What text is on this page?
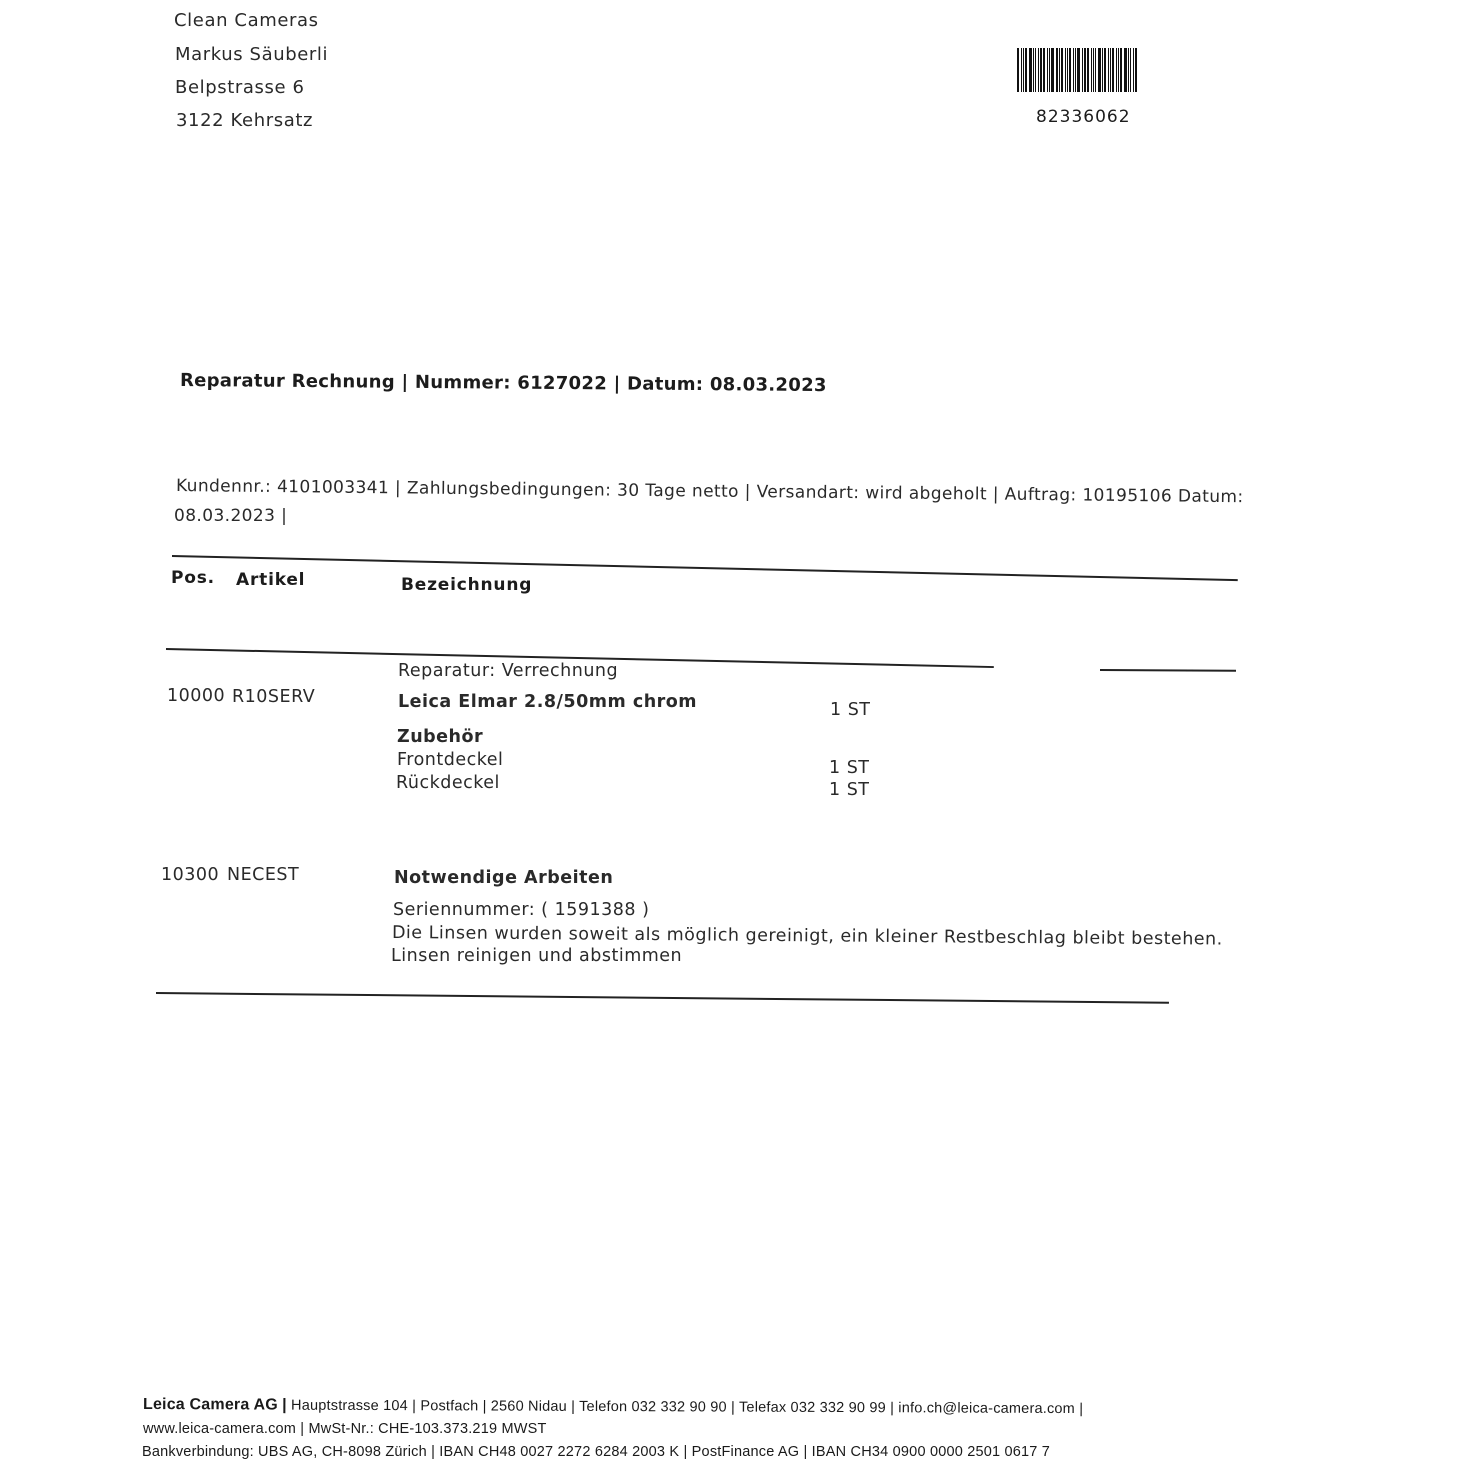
Clean Cameras
Markus Säuberli
Belpstrasse 6
3122 Kehrsatz	82336062
Reparatur Rechnung | Nummer: 6127022 | Datum: 08.03.2023
Kundennr.: 4101003341 | Zahlungsbedingungen: 30 Tage netto | Versandart: wird abgeholt | Auftrag: 10195106 Datum:
08.03.2023 |
Pos. Artikel	Bezeichnung
Reparatur: Verrechnung
10000 R10SERV	Leica Elmar 2.8/50mm chrom	1 ST
Zubehör
Frontdeckel	1 ST
Rückdeckel	1 ST
10300 NECEST	Notwendige Arbeiten
Seriennummer: ( 1591388 )
Die Linsen wurden soweit als möglich gereinigt, ein kleiner Restbeschlag bleibt bestehen.
Linsen reinigen und abstimmen
Leica Camera AG | Hauptstrasse 104 | Postfach | 2560 Nidau | Telefon 032 332 90 90 | Telefax 032 332 90 99 | info.ch@leica-camera.com |
www.leica-camera.com | MwSt-Nr.: CHE-103.373.219 MWST
Bankverbindung: UBS AG, CH-8098 Zürich | IBAN CH48 0027 2272 6284 2003 K | PostFinance AG | IBAN CH34 0900 0000 2501 0617 7
